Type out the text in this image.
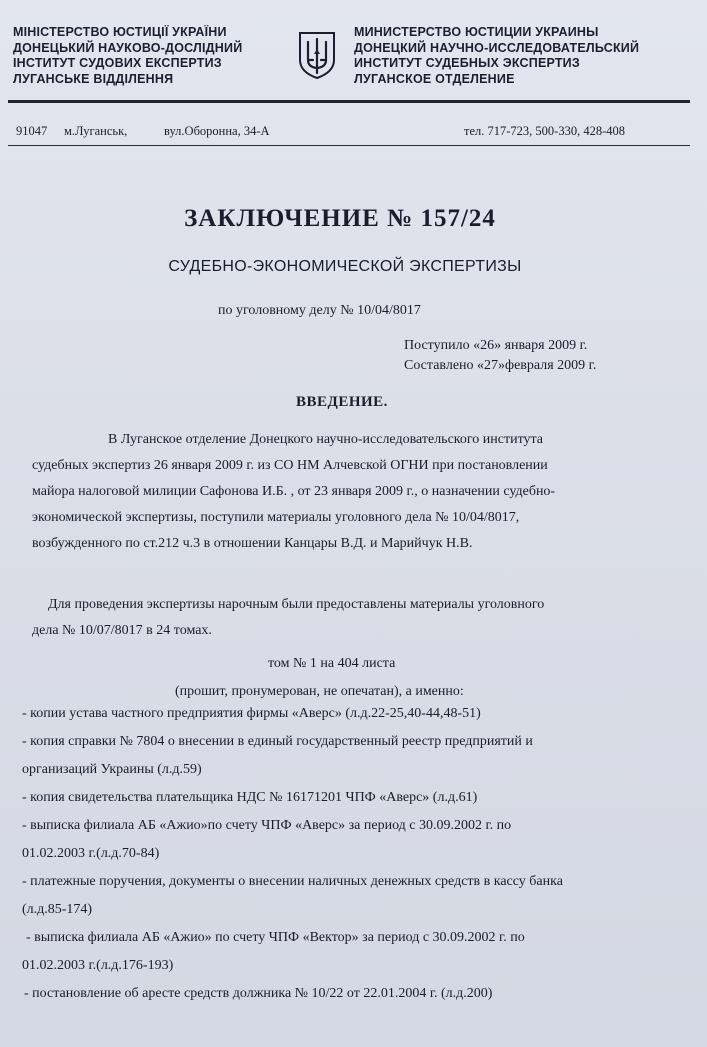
МІНІСТЕРСТВО ЮСТИЦІЇ УКРАЇНИ
ДОНЕЦЬКИЙ НАУКОВО-ДОСЛІДНИЙ
ІНСТИТУТ СУДОВИХ ЕКСПЕРТИЗ
ЛУГАНСЬКЕ ВІДДІЛЕННЯ
МИНИСТЕРСТВО ЮСТИЦИИ УКРАИНЫ
ДОНЕЦКИЙ НАУЧНО-ИССЛЕДОВАТЕЛЬСКИЙ
ИНСТИТУТ СУДЕБНЫХ ЭКСПЕРТИЗ
ЛУГАНСКОЕ ОТДЕЛЕНИЕ
91047 м.Луганськ,	вул.Оборонна, 34-А	тел. 717-723, 500-330, 428-408
ЗАКЛЮЧЕНИЕ № 157/24
СУДЕБНО-ЭКОНОМИЧЕСКОЙ ЭКСПЕРТИЗЫ
по уголовному делу № 10/04/8017
Поступило «26» января 2009 г.
Составлено «27»февраля 2009 г.
ВВЕДЕНИЕ.
В Луганское отделение Донецкого научно-исследовательского института
судебных экспертиз 26 января 2009 г. из СО НМ Алчевской ОГНИ при постановлении
майора налоговой милиции Сафонова И.Б. , от 23 января 2009 г., о назначении судебно-
экономической экспертизы, поступили материалы уголовного дела № 10/04/8017,
возбужденного по ст.212 ч.3 в отношении Канцары В.Д. и Марийчук Н.В.
Для проведения экспертизы нарочным были предоставлены материалы уголовного
дела № 10/07/8017 в 24 томах.
том № 1 на 404 листа
(прошит, пронумерован, не опечатан), а именно:
- копии устава частного предприятия фирмы «Аверс» (л.д.22-25,40-44,48-51)
- копия справки № 7804 о внесении в единый государственный реестр предприятий и
организаций Украины (л.д.59)
- копия свидетельства плательщика НДС № 16171201 ЧПФ «Аверс» (л.д.61)
- выписка филиала АБ «Ажио»по счету ЧПФ «Аверс» за период с 30.09.2002 г. по
01.02.2003 г.(л.д.70-84)
- платежные поручения, документы о внесении наличных денежных средств в кассу банка
(л.д.85-174)
- выписка филиала АБ «Ажио» по счету ЧПФ «Вектор» за период с 30.09.2002 г. по
01.02.2003 г.(л.д.176-193)
- постановление об аресте средств должника № 10/22 от 22.01.2004 г. (л.д.200)
